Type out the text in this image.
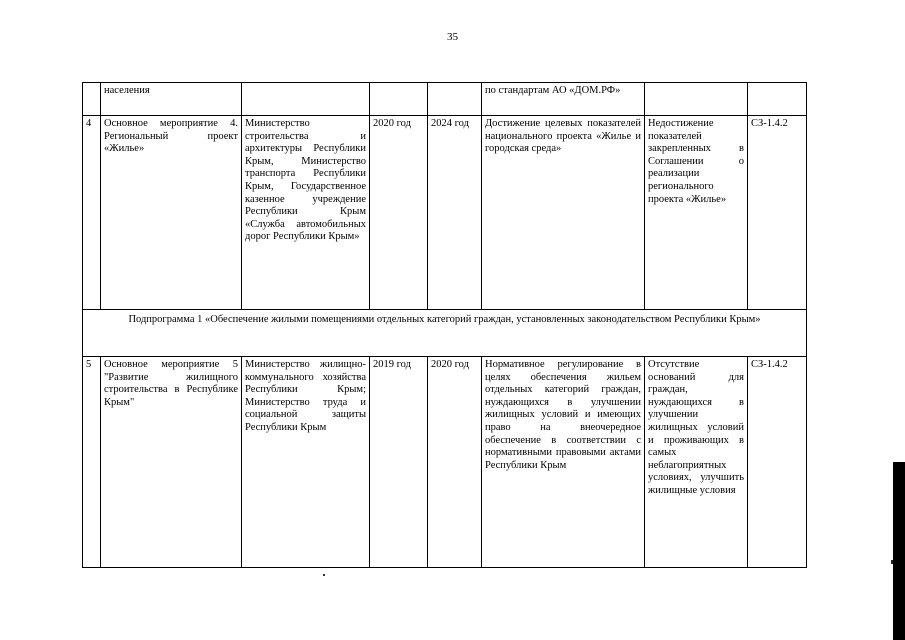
35
	населения				по стандартам АО «ДОМ.РФ»		
4	Основное мероприятие 4. Региональный проект «Жилье»	Министерство строительства и архитектуры Республики Крым, Министерство транспорта Республики Крым, Государственное казенное учреждение Республики Крым «Служба автомобильных дорог Республики Крым»	2020 год	2024 год	Достижение целевых показателей национального проекта «Жилье и городская среда»	Недостижение показателей закрепленных в Соглашении о реализации регионального проекта «Жилье»	СЗ-1.4.2
Подпрограмма 1 «Обеспечение жилыми помещениями отдельных категорий граждан, установленных законодательством Республики Крым»							
5	Основное мероприятие 5 "Развитие жилищного строительства в Республике Крым"	Министерство жилищно-коммунального хозяйства Республики Крым; Министерство труда и социальной защиты Республики Крым	2019 год	2020 год	Нормативное регулирование в целях обеспечения жильем отдельных категорий граждан, нуждающихся в улучшении жилищных условий и имеющих право на внеочередное обеспечение в соответствии с нормативными правовыми актами Республики Крым	Отсутствие оснований для граждан, нуждающихся в улучшении жилищных условий и проживающих в самых неблагоприятных условиях, улучшить жилищные условия	СЗ-1.4.2
